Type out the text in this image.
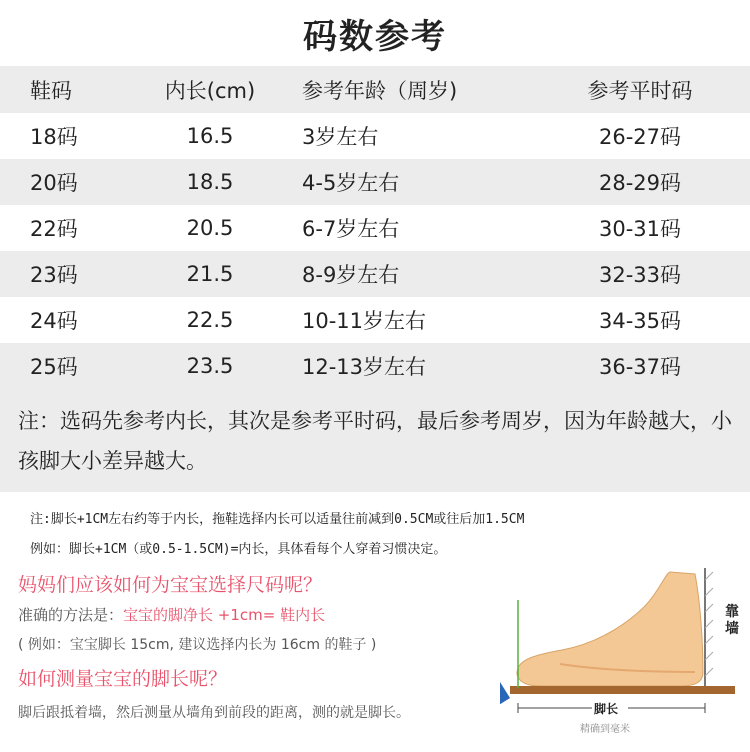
码数参考
鞋码	内长(cm)	参考年龄（周岁)	参考平时码
18码	16.5	3岁左右	26-27码
20码	18.5	4-5岁左右	28-29码
22码	20.5	6-7岁左右	30-31码
23码	21.5	8-9岁左右	32-33码
24码	22.5	10-11岁左右	34-35码
25码	23.5	12-13岁左右	36-37码
注：选码先参考内长，其次是参考平时码，最后参考周岁，因为年龄越大，小孩脚大小差异越大。
注:脚长+1CM左右约等于内长，拖鞋选择内长可以适量往前减到0.5CM或往后加1.5CM
例如：脚长+1CM（或0.5-1.5CM)=内长，具体看每个人穿着习惯决定。
妈妈们应该如何为宝宝选择尺码呢？
准确的方法是：宝宝的脚净长 +1cm= 鞋内长
( 例如：宝宝脚长 15cm, 建议选择内长为 16cm 的鞋子 )
如何测量宝宝的脚长呢？
脚后跟抵着墙，然后测量从墙角到前段的距离，测的就是脚长。
靠墙
脚长
精确到毫米
